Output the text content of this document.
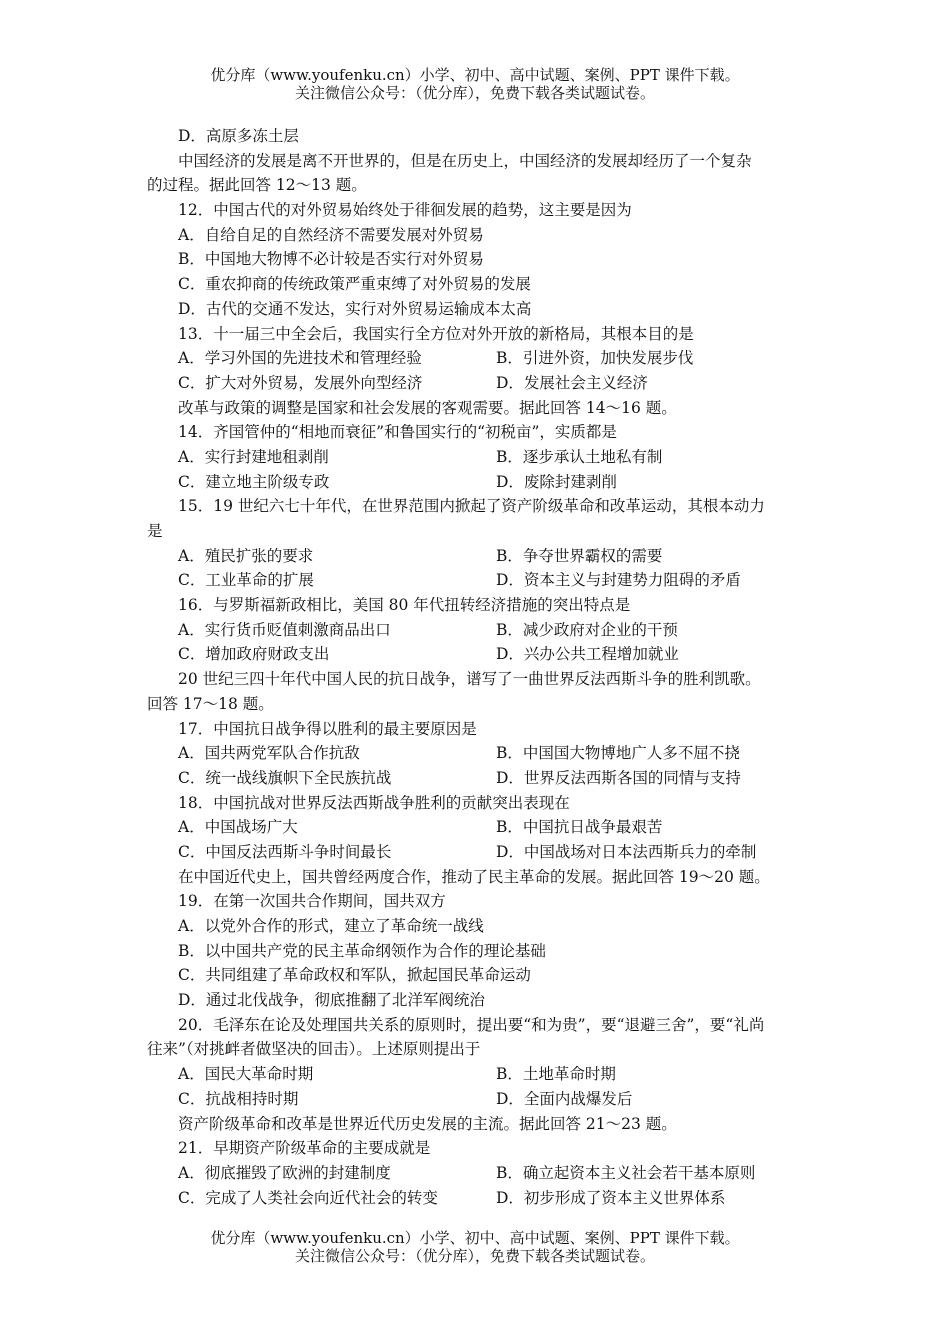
优分库（www.youfenku.cn）小学、初中、高中试题、案例、PPT 课件下载。
关注微信公众号：（优分库），免费下载各类试题试卷。
D．高原多冻土层
中国经济的发展是离不开世界的，但是在历史上，中国经济的发展却经历了一个复杂
的过程。据此回答 12～13 题。
12．中国古代的对外贸易始终处于徘徊发展的趋势，这主要是因为
A．自给自足的自然经济不需要发展对外贸易
B．中国地大物博不必计较是否实行对外贸易
C．重农抑商的传统政策严重束缚了对外贸易的发展
D．古代的交通不发达，实行对外贸易运输成本太高
13．十一届三中全会后，我国实行全方位对外开放的新格局，其根本目的是
A．学习外国的先进技术和管理经验	B．引进外资，加快发展步伐
C．扩大对外贸易，发展外向型经济	D．发展社会主义经济
改革与政策的调整是国家和社会发展的客观需要。据此回答 14～16 题。
14．齐国管仲的“相地而衰征”和鲁国实行的“初税亩”，实质都是
A．实行封建地租剥削	B．逐步承认土地私有制
C．建立地主阶级专政	D．废除封建剥削
15．19 世纪六七十年代，在世界范围内掀起了资产阶级革命和改革运动，其根本动力
是
A．殖民扩张的要求	B．争夺世界霸权的需要
C．工业革命的扩展	D．资本主义与封建势力阻碍的矛盾
16．与罗斯福新政相比，美国 80 年代扭转经济措施的突出特点是
A．实行货币贬值刺激商品出口	B．减少政府对企业的干预
C．增加政府财政支出	D．兴办公共工程增加就业
20 世纪三四十年代中国人民的抗日战争，谱写了一曲世界反法西斯斗争的胜利凯歌。
回答 17～18 题。
17．中国抗日战争得以胜利的最主要原因是
A．国共两党军队合作抗敌	B．中国国大物博地广人多不屈不挠
C．统一战线旗帜下全民族抗战	D．世界反法西斯各国的同情与支持
18．中国抗战对世界反法西斯战争胜利的贡献突出表现在
A．中国战场广大	B．中国抗日战争最艰苦
C．中国反法西斯斗争时间最长	D．中国战场对日本法西斯兵力的牵制
在中国近代史上，国共曾经两度合作，推动了民主革命的发展。据此回答 19～20 题。
19．在第一次国共合作期间，国共双方
A．以党外合作的形式，建立了革命统一战线
B．以中国共产党的民主革命纲领作为合作的理论基础
C．共同组建了革命政权和军队，掀起国民革命运动
D．通过北伐战争，彻底推翻了北洋军阀统治
20．毛泽东在论及处理国共关系的原则时，提出要“和为贵”，要“退避三舍”，要“礼尚
往来”（对挑衅者做坚决的回击）。上述原则提出于
A．国民大革命时期	B．土地革命时期
C．抗战相持时期	D．全面内战爆发后
资产阶级革命和改革是世界近代历史发展的主流。据此回答 21～23 题。
21．早期资产阶级革命的主要成就是
A．彻底摧毁了欧洲的封建制度	B．确立起资本主义社会若干基本原则
C．完成了人类社会向近代社会的转变	D．初步形成了资本主义世界体系
优分库（www.youfenku.cn）小学、初中、高中试题、案例、PPT 课件下载。
关注微信公众号：（优分库），免费下载各类试题试卷。
